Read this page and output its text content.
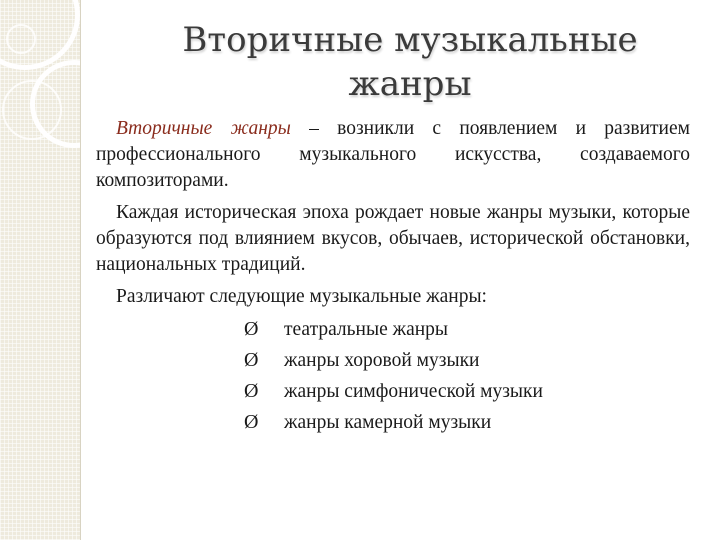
Вторичные музыкальные
жанры

Вторичные жанры – возникли с появлением и развитием профессионального музыкального искусства, создаваемого композиторами.

Каждая историческая эпоха рождает новые жанры музыки, которые образуются под влиянием вкусов, обычаев, исторической обстановки, национальных традиций.

Различают следующие музыкальные жанры:

Ø	театральные жанры
Ø	жанры хоровой музыки
Ø	жанры симфонической музыки
Ø	жанры камерной музыки
